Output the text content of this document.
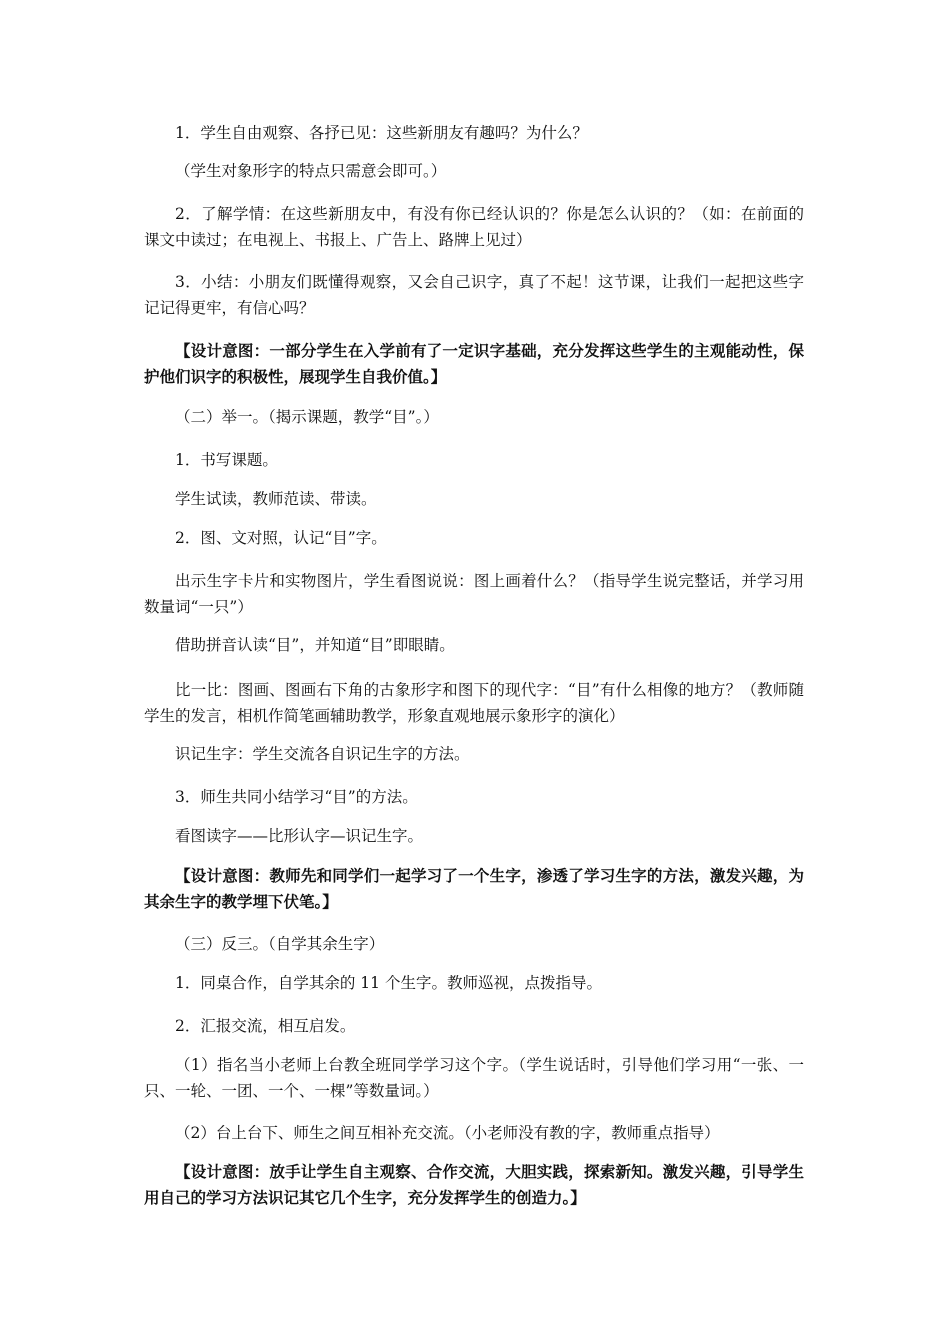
1．学生自由观察、各抒已见：这些新朋友有趣吗？为什么？

（学生对象形字的特点只需意会即可。）

2．了解学情：在这些新朋友中，有没有你已经认识的？你是怎么认识的？（如：在前面的课文中读过；在电视上、书报上、广告上、路牌上见过）

3．小结：小朋友们既懂得观察，又会自己识字，真了不起！这节课，让我们一起把这些字记记得更牢，有信心吗？

【设计意图：一部分学生在入学前有了一定识字基础，充分发挥这些学生的主观能动性，保护他们识字的积极性，展现学生自我价值。】

（二）举一。（揭示课题，教学“目”。）

1．书写课题。

学生试读，教师范读、带读。

2．图、文对照，认记“目”字。

出示生字卡片和实物图片，学生看图说说：图上画着什么？（指导学生说完整话，并学习用数量词“一只”）

借助拼音认读“目”，并知道“目”即眼睛。

比一比：图画、图画右下角的古象形字和图下的现代字：“目”有什么相像的地方？（教师随学生的发言，相机作简笔画辅助教学，形象直观地展示象形字的演化）

识记生字：学生交流各自识记生字的方法。

3．师生共同小结学习“目”的方法。

看图读字——比形认字—识记生字。

【设计意图：教师先和同学们一起学习了一个生字，渗透了学习生字的方法，激发兴趣，为其余生字的教学埋下伏笔。】

（三）反三。（自学其余生字）

1．同桌合作，自学其余的 11 个生字。教师巡视，点拨指导。

2．汇报交流，相互启发。

（1）指名当小老师上台教全班同学学习这个字。（学生说话时，引导他们学习用“一张、一只、一轮、一团、一个、一棵”等数量词。）

（2）台上台下、师生之间互相补充交流。（小老师没有教的字，教师重点指导）

【设计意图：放手让学生自主观察、合作交流，大胆实践，探索新知。激发兴趣，引导学生用自己的学习方法识记其它几个生字，充分发挥学生的创造力。】
